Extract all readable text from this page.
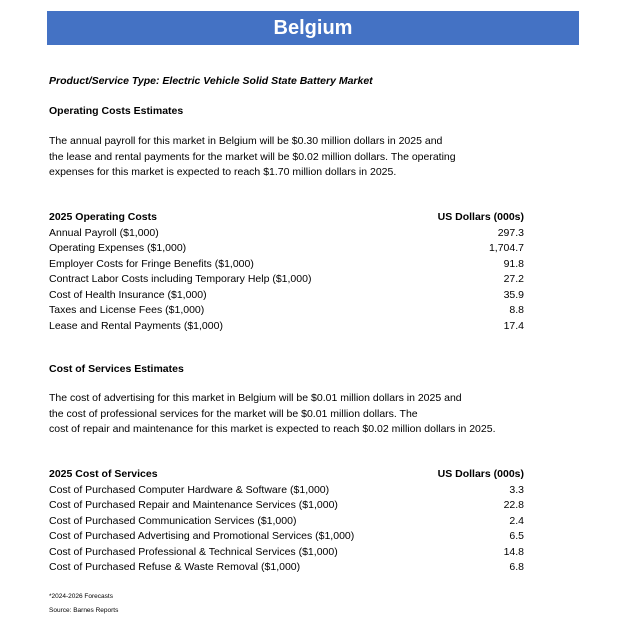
Belgium
Product/Service Type: Electric Vehicle Solid State Battery Market
Operating Costs Estimates
The annual payroll for this market in Belgium will be $0.30 million dollars in 2025 and
the lease and rental payments for the market will be $0.02 million dollars. The operating
expenses for this market is expected to reach $1.70 million dollars in 2025.
2025 Operating Costs	US Dollars (000s)
Annual Payroll ($1,000)	297.3
Operating Expenses ($1,000)	1,704.7
Employer Costs for Fringe Benefits ($1,000)	91.8
Contract Labor Costs including Temporary Help ($1,000)	27.2
Cost of Health Insurance ($1,000)	35.9
Taxes and License Fees ($1,000)	8.8
Lease and Rental Payments ($1,000)	17.4
Cost of Services Estimates
The cost of advertising for this market in Belgium will be $0.01 million dollars in 2025 and
the cost of professional services for the market will be $0.01 million dollars. The
cost of repair and maintenance for this market is expected to reach $0.02 million dollars in 2025.
2025 Cost of Services	US Dollars (000s)
Cost of Purchased Computer Hardware & Software ($1,000)	3.3
Cost of Purchased Repair and Maintenance Services ($1,000)	22.8
Cost of Purchased Communication Services ($1,000)	2.4
Cost of Purchased Advertising and Promotional Services ($1,000)	6.5
Cost of Purchased Professional & Technical Services ($1,000)	14.8
Cost of Purchased Refuse & Waste Removal ($1,000)	6.8
*2024-2026 Forecasts
Source: Barnes Reports
